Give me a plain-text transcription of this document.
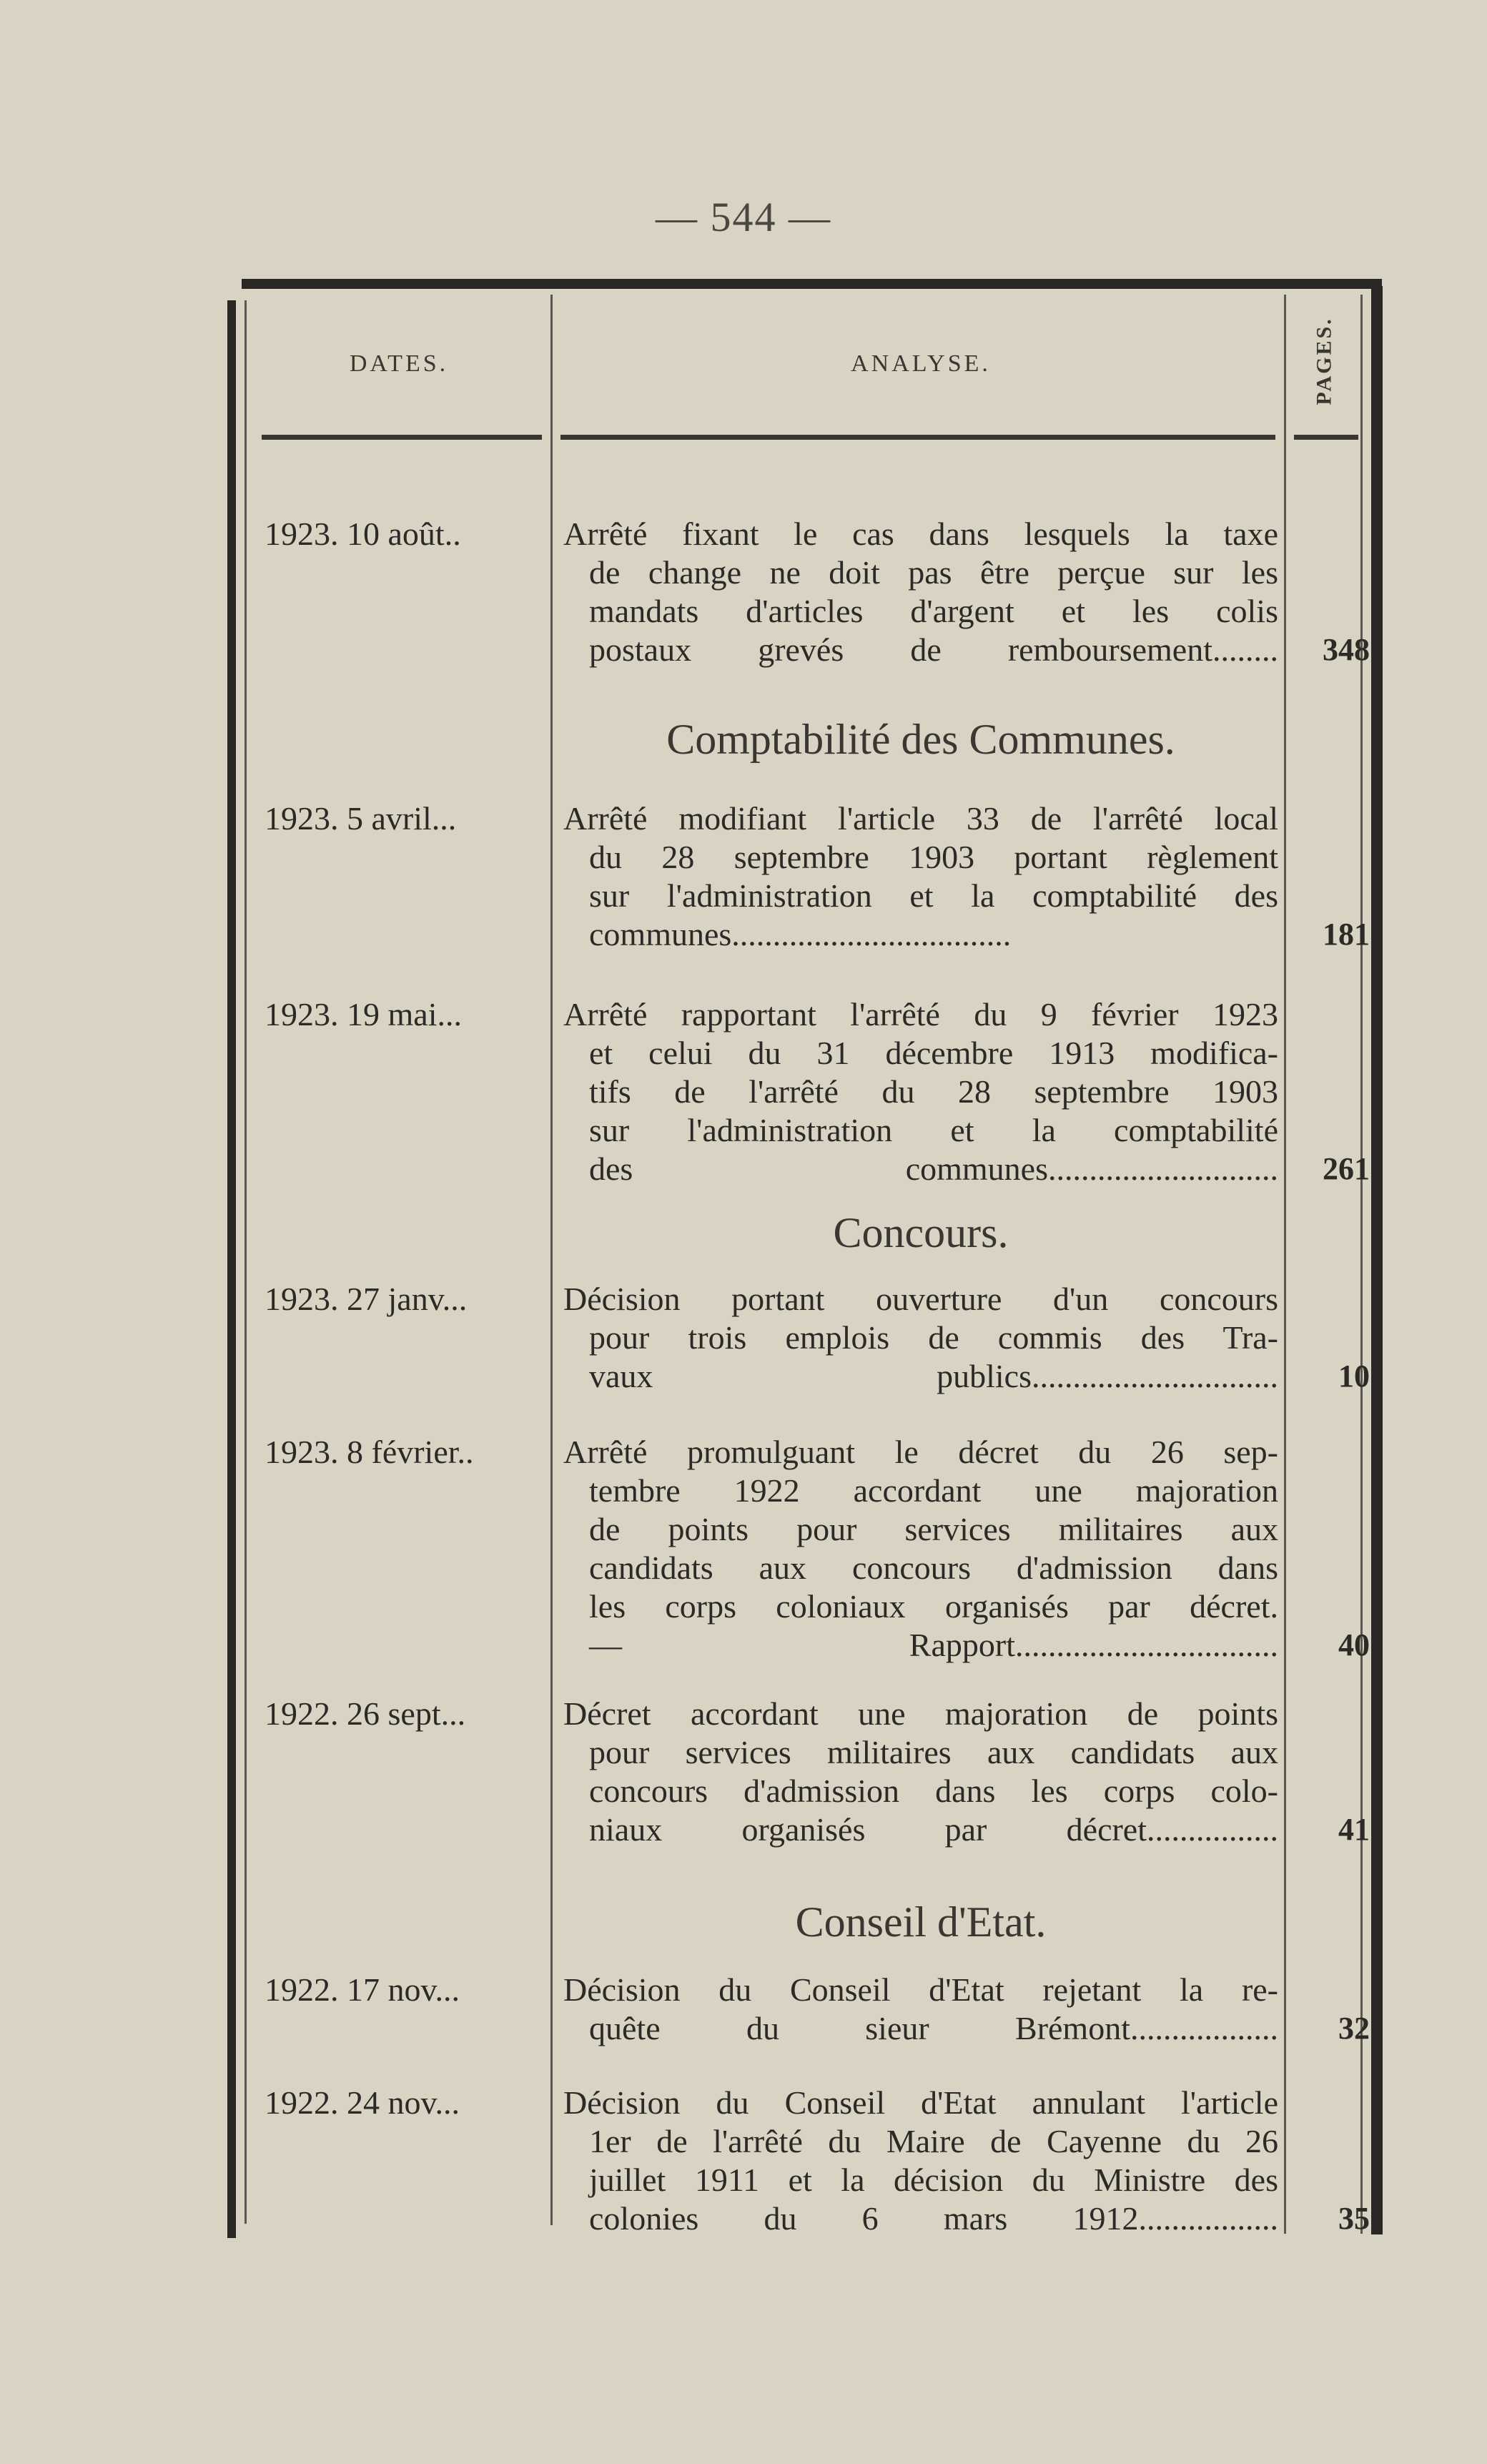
— 544 —
DATES.	ANALYSE.	PAGES.
1923. 10 août..	Arrêté fixant le cas dans lesquels la taxe
de change ne doit pas être perçue sur les
mandats d'articles d'argent et les colis
postaux grevés de remboursement........	348
Comptabilité des Communes.
1923. 5 avril...	Arrêté modifiant l'article 33 de l'arrêté local
du 28 septembre 1903 portant règlement
sur l'administration et la comptabilité des
communes..................................	181
1923. 19 mai...	Arrêté rapportant l'arrêté du 9 février 1923
et celui du 31 décembre 1913 modifica-
tifs de l'arrêté du 28 septembre 1903
sur l'administration et la comptabilité
des communes............................	261
Concours.
1923. 27 janv...	Décision portant ouverture d'un concours
pour trois emplois de commis des Tra-
vaux publics..............................	10
1923. 8 février..	Arrêté promulguant le décret du 26 sep-
tembre 1922 accordant une majoration
de points pour services militaires aux
candidats aux concours d'admission dans
les corps coloniaux organisés par décret.
— Rapport................................	40
1922. 26 sept...	Décret accordant une majoration de points
pour services militaires aux candidats aux
concours d'admission dans les corps colo-
niaux organisés par décret................	41
Conseil d'Etat.
1922. 17 nov...	Décision du Conseil d'Etat rejetant la re-
quête du sieur Brémont..................	32
1922. 24 nov...	Décision du Conseil d'Etat annulant l'article
1er de l'arrêté du Maire de Cayenne du 26
juillet 1911 et la décision du Ministre des
colonies du 6 mars 1912.................	35
